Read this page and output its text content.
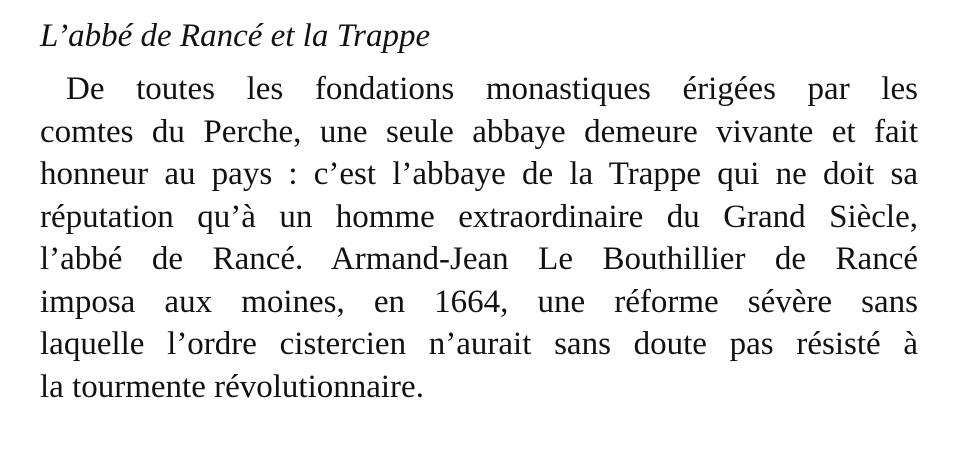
L’abbé de Rancé et la Trappe

De toutes les fondations monastiques érigées par les
comtes du Perche, une seule abbaye demeure vivante et fait
honneur au pays : c’est l’abbaye de la Trappe qui ne doit sa
réputation qu’à un homme extraordinaire du Grand Siècle,
l’abbé de Rancé. Armand-Jean Le Bouthillier de Rancé
imposa aux moines, en 1664, une réforme sévère sans
laquelle l’ordre cistercien n’aurait sans doute pas résisté à
la tourmente révolutionnaire.
